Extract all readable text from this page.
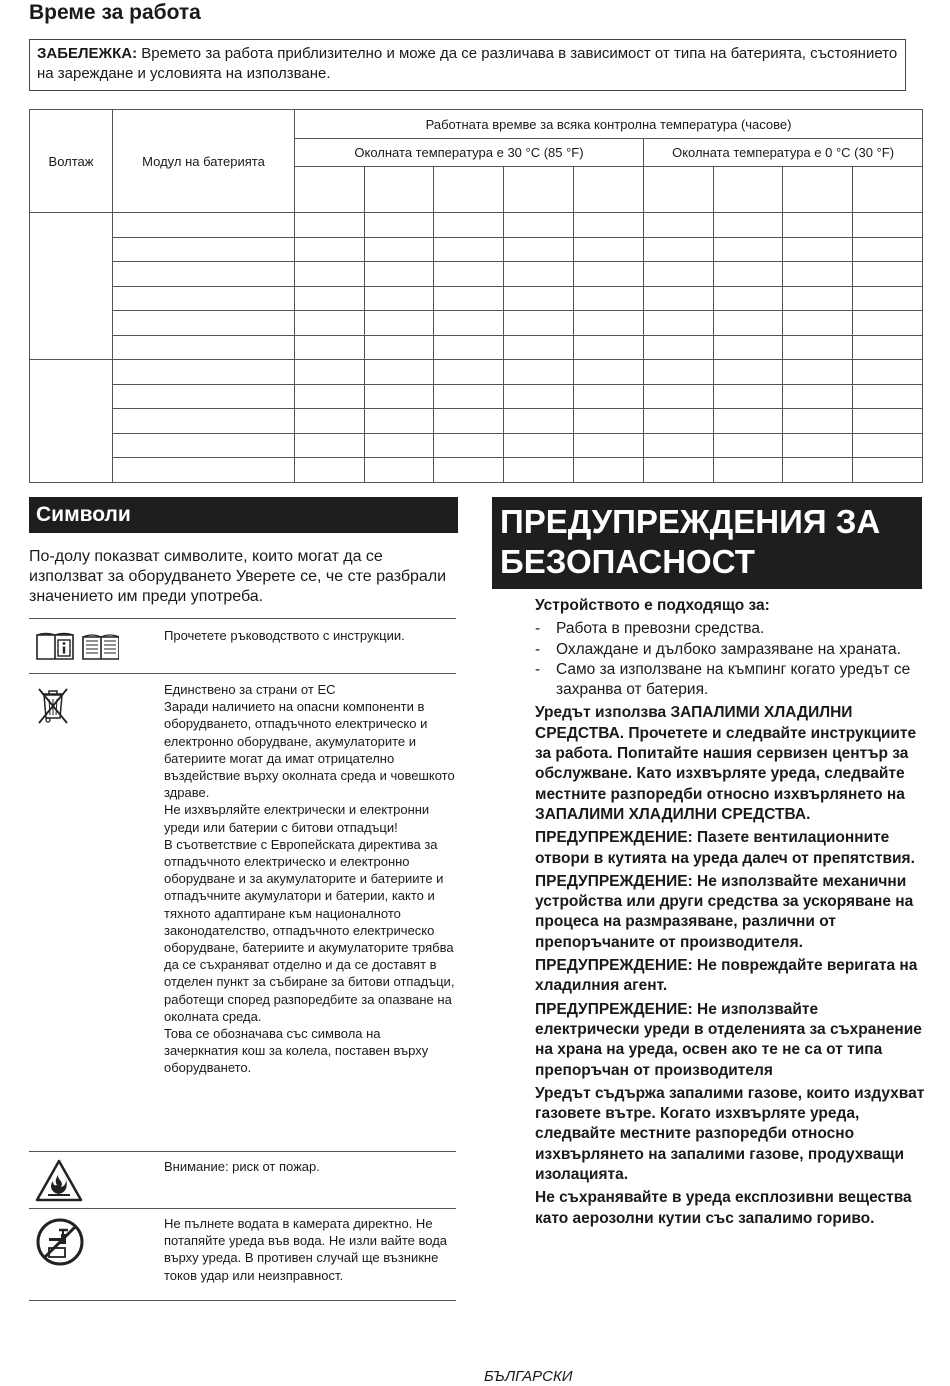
Време за работа
ЗАБЕЛЕЖКА: Времето за работа приблизително и може да се различава в зависимост от типа на батерията, състоянието на зареждане и условията на използване.
Волтаж	Модул на батерията	Работната времве за всяка контролна температура (часове)								
		Околната температура е 30 °C (85 °F)					Околната температура е 0 °C (30 °F)			

Символи
По-долу показват символите, които могат да се използват за оборудването Уверете се, че сте разбрали значението им преди употреба.
Прочетете ръководството с инструкции.
Единствено за страни от ЕС
Заради наличието на опасни компоненти в оборудването, отпадъчното електрическо и електронно оборудване, акумулаторите и батериите могат да имат отрицателно въздействие върху околната среда и човешкото здраве.
Не изхвърляйте електрически и електронни уреди или батерии с битови отпадъци!
В съответствие с Европейската директива за отпадъчното електрическо и електронно оборудване и за акумулаторите и батериите и отпадъчните акумулатори и батерии, както и тяхното адаптиране към националното законодателство, отпадъчното електрическо оборудване, батериите и акумулаторите трябва да се съхраняват отделно и да се доставят в отделен пункт за събиране за битови отпадъци, работещи според разпоредбите за опазване на околната среда.
Това се обозначава със символа на зачеркнатия кош за колела, поставен върху оборудването.
Внимание: риск от пожар.
Не пълнете водата в камерата директно. Не потапяйте уреда във вода. Не изли вайте вода върху уреда. В противен случай ще възникне токов удар или неизправност.
ПРЕДУПРЕЖДЕНИЯ ЗА БЕЗОПАСНОСТ
Устройството е подходящо за:
- Работа в превозни средства.
- Охлаждане и дълбоко замразяване на храната.
- Само за използване на къмпинг когато уредът се захранва от батерия.
Уредът използва ЗАПАЛИМИ ХЛАДИЛНИ СРЕДСТВА. Прочетете и следвайте инструкциите за работа. Попитайте нашия сервизен център за обслужване. Като изхвърляте уреда, следвайте местните разпоредби относно изхвърлянето на ЗАПАЛИМИ ХЛАДИЛНИ СРЕДСТВА.
ПРЕДУПРЕЖДЕНИЕ: Пазете вентилационните отвори в кутията на уреда далеч от препятствия.
ПРЕДУПРЕЖДЕНИЕ: Не използвайте механични устройства или други средства за ускоряване на процеса на размразяване, различни от препоръчаните от производителя.
ПРЕДУПРЕЖДЕНИЕ: Не повреждайте веригата на хладилния агент.
ПРЕДУПРЕЖДЕНИЕ: Не използвайте електрически уреди в отделенията за съхранение на храна на уреда, освен ако те не са от типа препоръчан от производителя
Уредът съдържа запалими газове, които издухват газовете вътре. Когато изхвърляте уреда, следвайте местните разпоредби относно изхвърлянето на запалими газове, продухващи изолацията.
Не съхранявайте в уреда експлозивни вещества като аерозолни кутии със запалимо гориво.
БЪЛГАРСКИ
